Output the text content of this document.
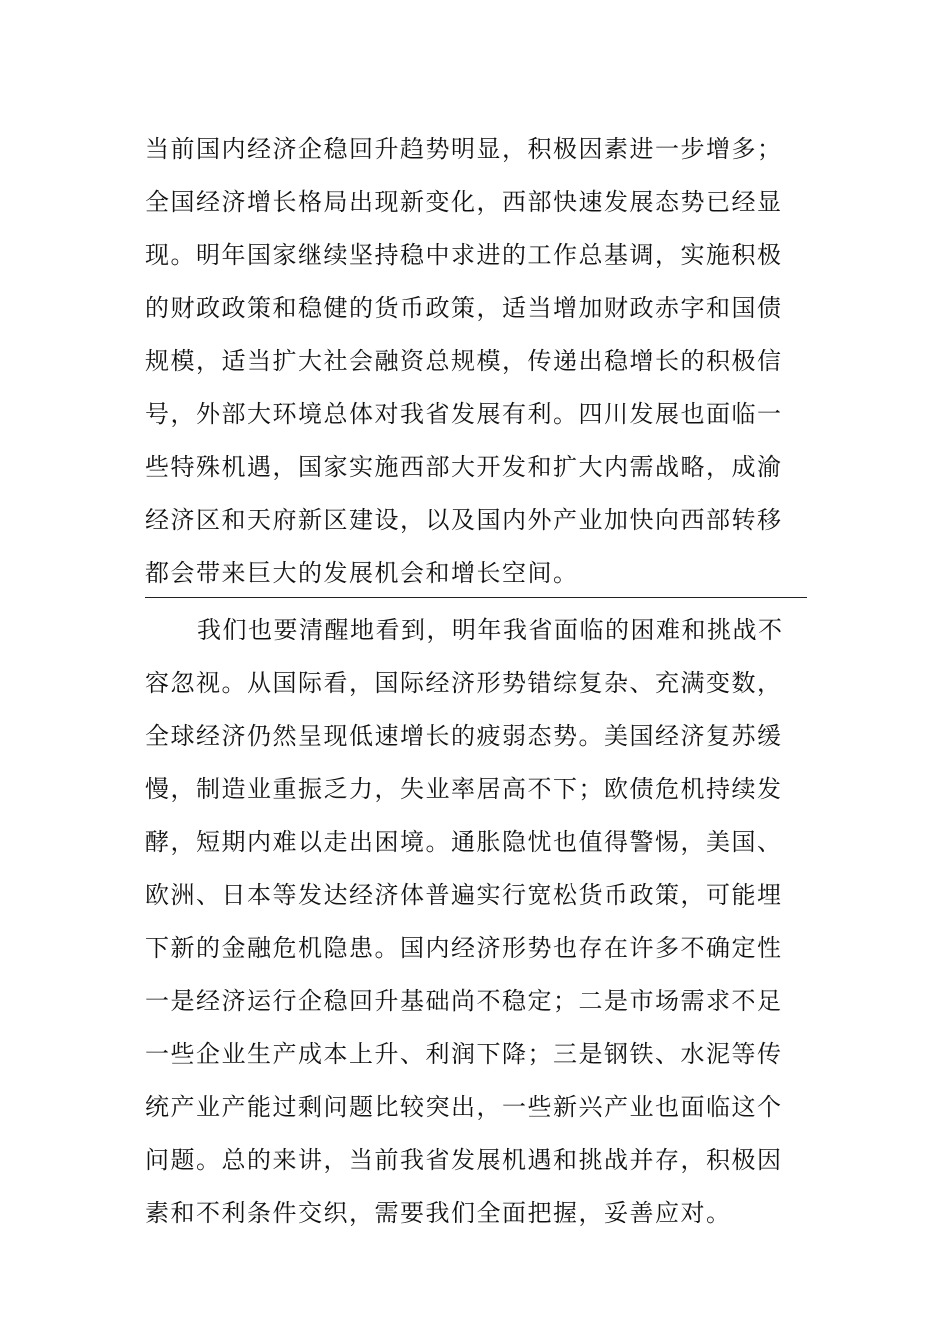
当前国内经济企稳回升趋势明显，积极因素进一步增多；
全国经济增长格局出现新变化，西部快速发展态势已经显
现。明年国家继续坚持稳中求进的工作总基调，实施积极
的财政政策和稳健的货币政策，适当增加财政赤字和国债
规模，适当扩大社会融资总规模，传递出稳增长的积极信
号，外部大环境总体对我省发展有利。四川发展也面临一
些特殊机遇，国家实施西部大开发和扩大内需战略，成渝
经济区和天府新区建设，以及国内外产业加快向西部转移
都会带来巨大的发展机会和增长空间。
我们也要清醒地看到，明年我省面临的困难和挑战不
容忽视。从国际看，国际经济形势错综复杂、充满变数，
全球经济仍然呈现低速增长的疲弱态势。美国经济复苏缓
慢，制造业重振乏力，失业率居高不下；欧债危机持续发
酵，短期内难以走出困境。通胀隐忧也值得警惕，美国、
欧洲、日本等发达经济体普遍实行宽松货币政策，可能埋
下新的金融危机隐患。国内经济形势也存在许多不确定性
一是经济运行企稳回升基础尚不稳定；二是市场需求不足
一些企业生产成本上升、利润下降；三是钢铁、水泥等传
统产业产能过剩问题比较突出，一些新兴产业也面临这个
问题。总的来讲，当前我省发展机遇和挑战并存，积极因
素和不利条件交织，需要我们全面把握，妥善应对。
